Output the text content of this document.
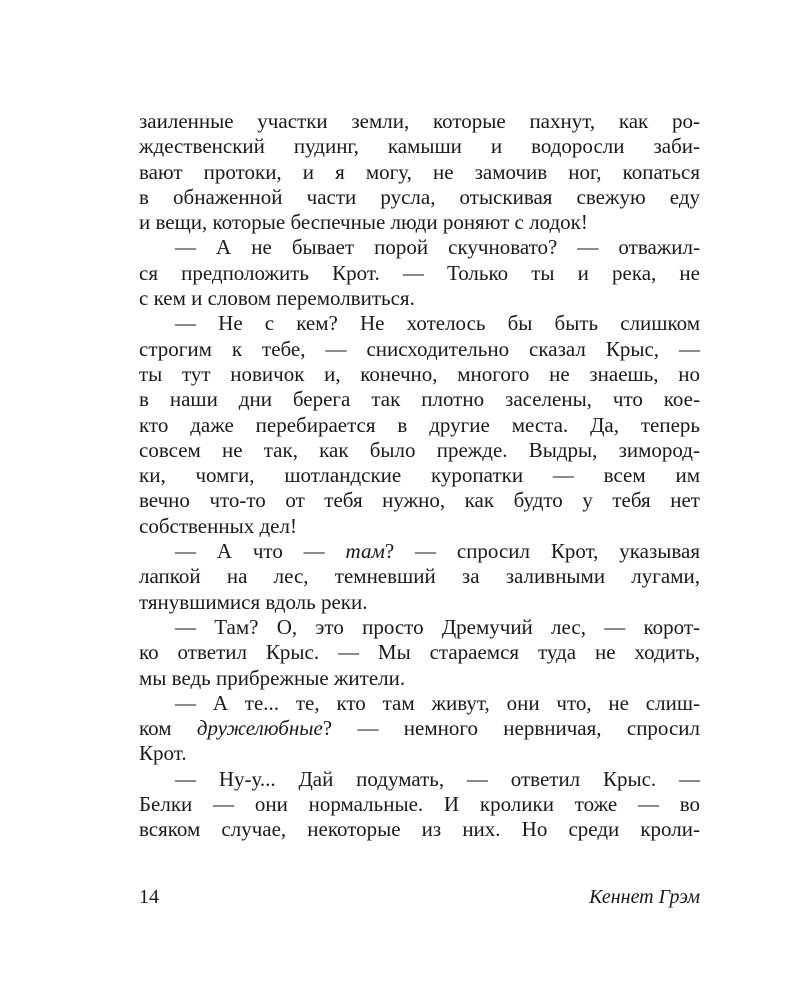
заиленные участки земли, которые пахнут, как ро-
ждественский пудинг, камыши и водоросли заби-
вают протоки, и я могу, не замочив ног, копаться
в обнаженной части русла, отыскивая свежую еду
и вещи, которые беспечные люди роняют с лодок!
— А не бывает порой скучновато? — отважил-
ся предположить Крот. — Только ты и река, не
с кем и словом перемолвиться.
— Не с кем? Не хотелось бы быть слишком
строгим к тебе, — снисходительно сказал Крыс, —
ты тут новичок и, конечно, многого не знаешь, но
в наши дни берега так плотно заселены, что кое-
кто даже перебирается в другие места. Да, теперь
совсем не так, как было прежде. Выдры, зимород-
ки, чомги, шотландские куропатки — всем им
вечно что-то от тебя нужно, как будто у тебя нет
собственных дел!
— А что — там? — спросил Крот, указывая
лапкой на лес, темневший за заливными лугами,
тянувшимися вдоль реки.
— Там? О, это просто Дремучий лес, — корот-
ко ответил Крыс. — Мы стараемся туда не ходить,
мы ведь прибрежные жители.
— А те... те, кто там живут, они что, не слиш-
ком дружелюбные? — немного нервничая, спросил
Крот.
— Ну-у... Дай подумать, — ответил Крыс. —
Белки — они нормальные. И кролики тоже — во
всяком случае, некоторые из них. Но среди кроли-
14	Кеннет Грэм
